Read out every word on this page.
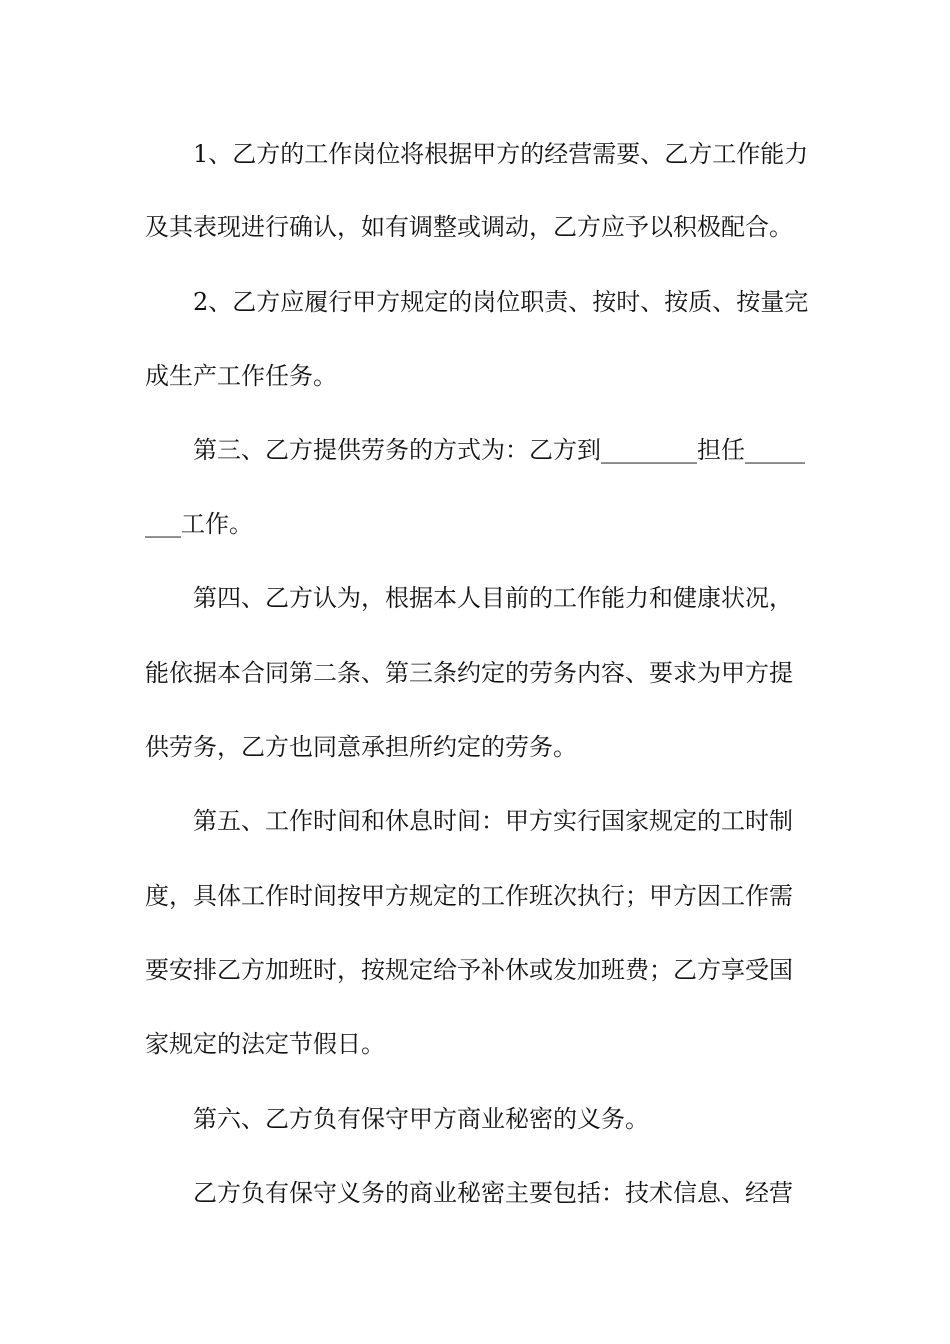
1、乙方的工作岗位将根据甲方的经营需要、乙方工作能力
及其表现进行确认，如有调整或调动，乙方应予以积极配合。
2、乙方应履行甲方规定的岗位职责、按时、按质、按量完
成生产工作任务。
第三、乙方提供劳务的方式为：乙方到________担任_____
___工作。
第四、乙方认为，根据本人目前的工作能力和健康状况，
能依据本合同第二条、第三条约定的劳务内容、要求为甲方提
供劳务，乙方也同意承担所约定的劳务。
第五、工作时间和休息时间：甲方实行国家规定的工时制
度，具体工作时间按甲方规定的工作班次执行；甲方因工作需
要安排乙方加班时，按规定给予补休或发加班费；乙方享受国
家规定的法定节假日。
第六、乙方负有保守甲方商业秘密的义务。
乙方负有保守义务的商业秘密主要包括：技术信息、经营
